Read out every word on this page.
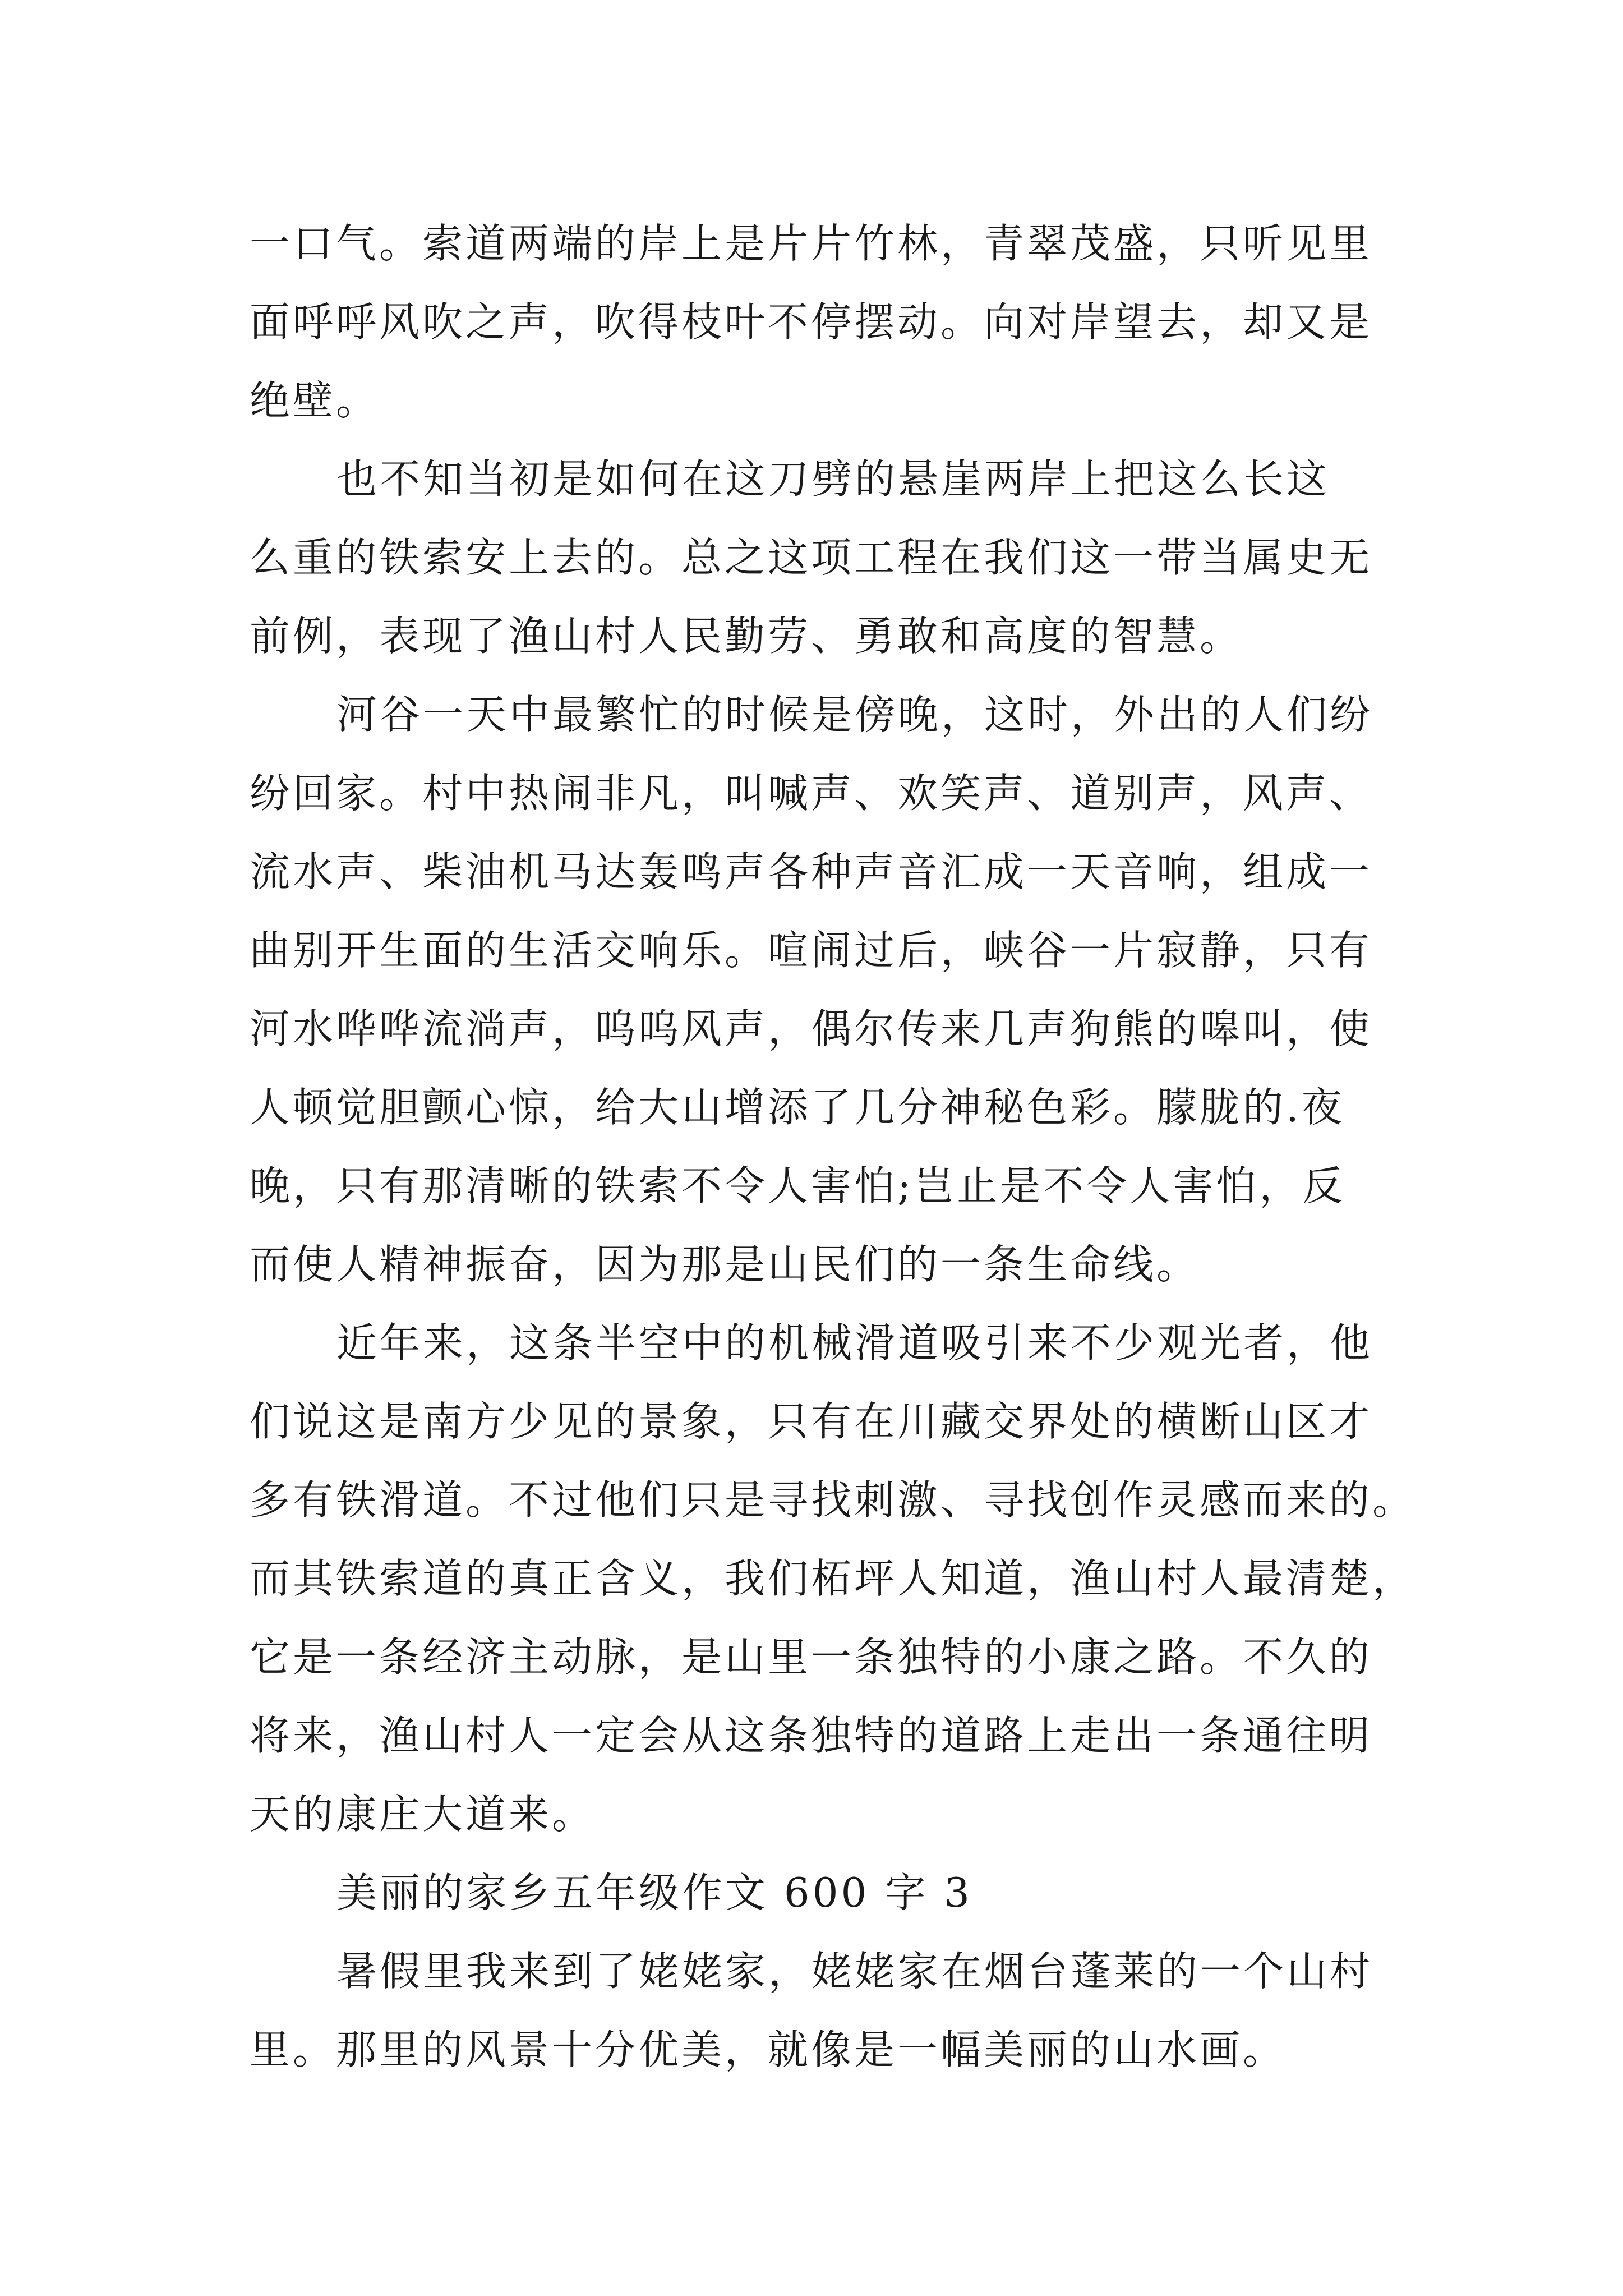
一口气。索道两端的岸上是片片竹林，青翠茂盛，只听见里
面呼呼风吹之声，吹得枝叶不停摆动。向对岸望去，却又是
绝壁。
也不知当初是如何在这刀劈的悬崖两岸上把这么长这
么重的铁索安上去的。总之这项工程在我们这一带当属史无
前例，表现了渔山村人民勤劳、勇敢和高度的智慧。
河谷一天中最繁忙的时候是傍晚，这时，外出的人们纷
纷回家。村中热闹非凡，叫喊声、欢笑声、道别声，风声、
流水声、柴油机马达轰鸣声各种声音汇成一天音响，组成一
曲别开生面的生活交响乐。喧闹过后，峡谷一片寂静，只有
河水哗哗流淌声，呜呜风声，偶尔传来几声狗熊的嗥叫，使
人顿觉胆颤心惊，给大山增添了几分神秘色彩。朦胧的.夜
晚，只有那清晰的铁索不令人害怕;岂止是不令人害怕，反
而使人精神振奋，因为那是山民们的一条生命线。
近年来，这条半空中的机械滑道吸引来不少观光者，他
们说这是南方少见的景象，只有在川藏交界处的横断山区才
多有铁滑道。不过他们只是寻找刺激、寻找创作灵感而来的。
而其铁索道的真正含义，我们柘坪人知道，渔山村人最清楚，
它是一条经济主动脉，是山里一条独特的小康之路。不久的
将来，渔山村人一定会从这条独特的道路上走出一条通往明
天的康庄大道来。
美丽的家乡五年级作文 600 字 3
暑假里我来到了姥姥家，姥姥家在烟台蓬莱的一个山村
里。那里的风景十分优美，就像是一幅美丽的山水画。
